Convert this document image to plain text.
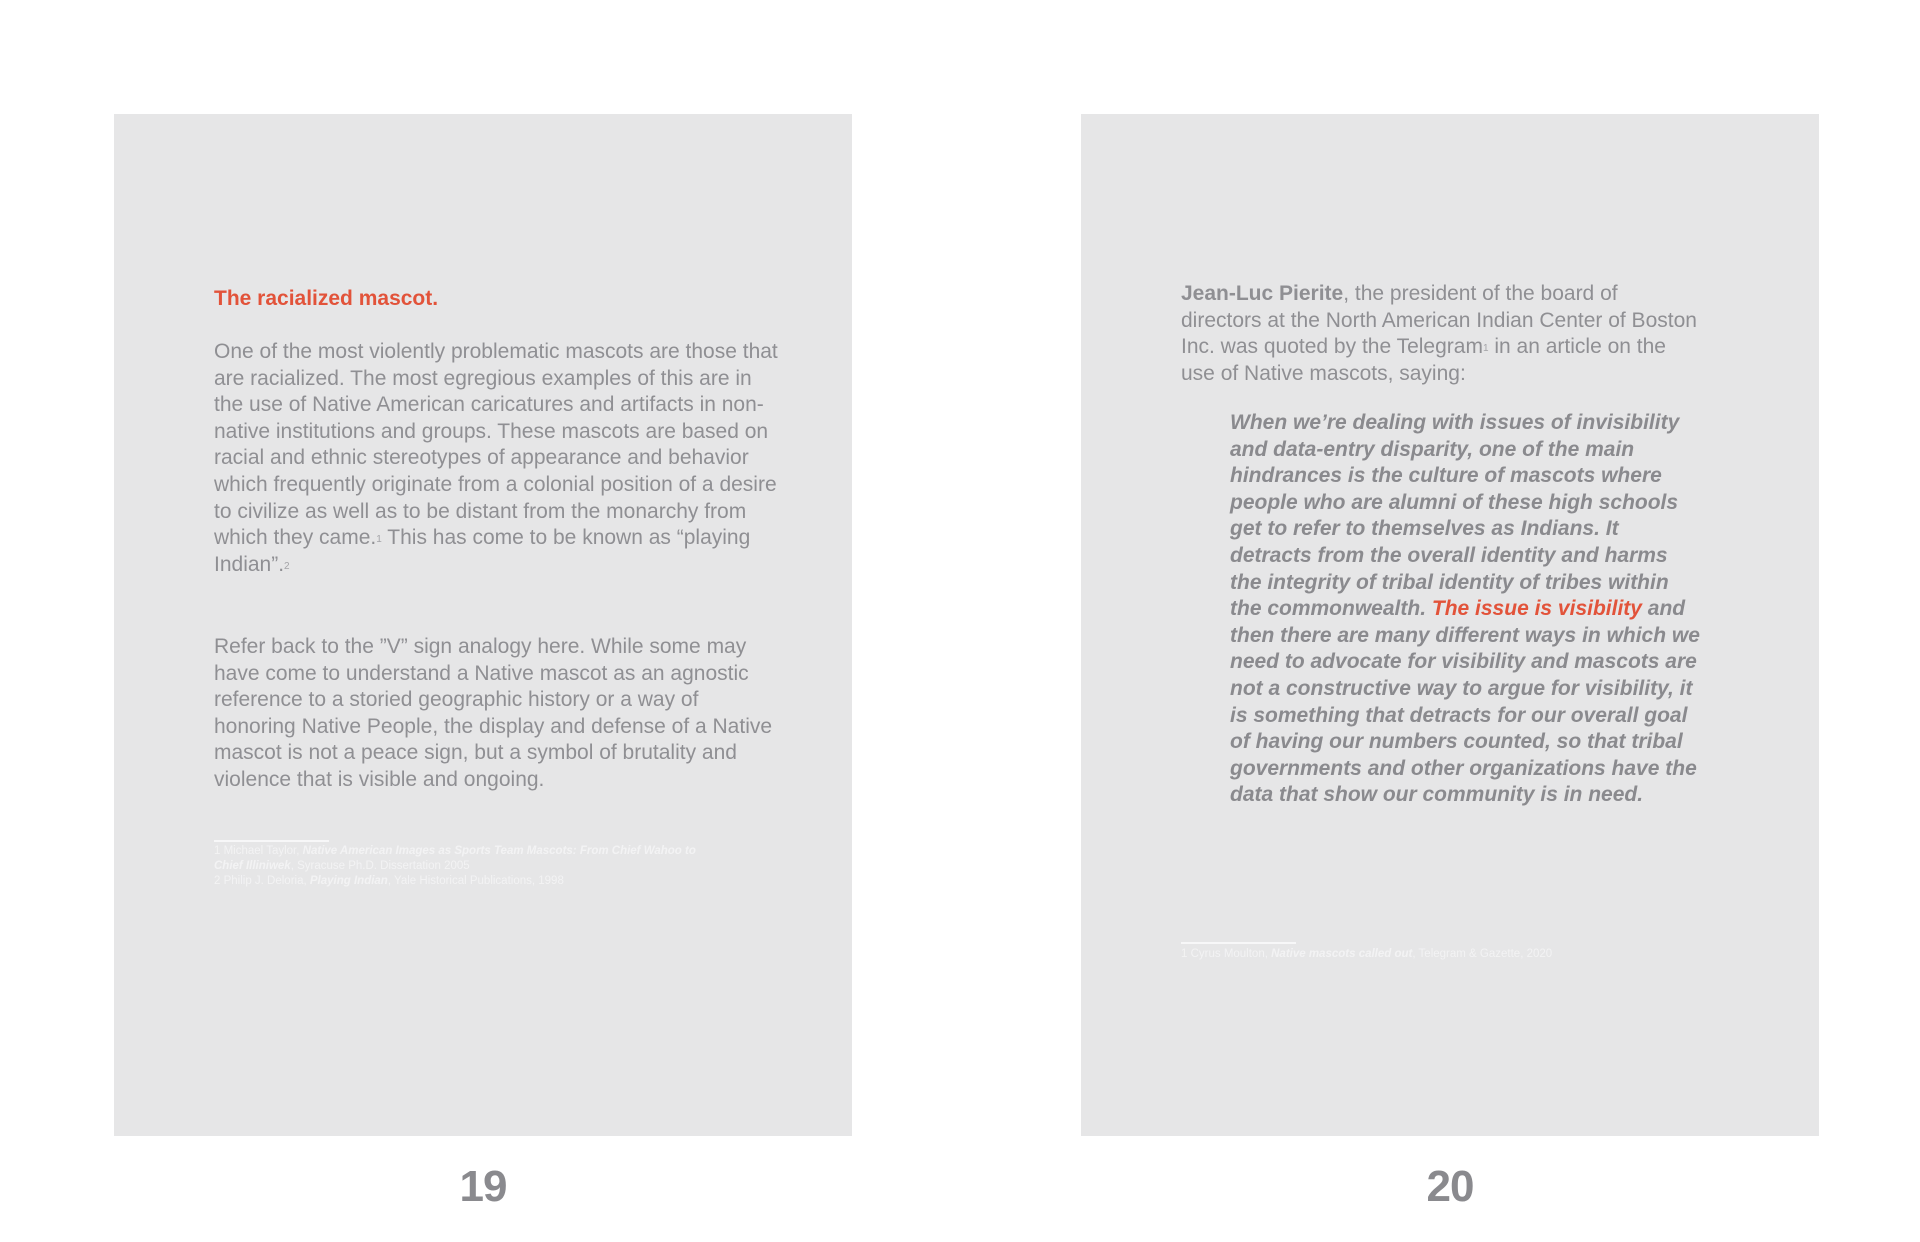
The racialized mascot.

One of the most violently problematic mascots are those that are racialized. The most egregious examples of this are in the use of Native American caricatures and artifacts in non-native institutions and groups. These mascots are based on racial and ethnic stereotypes of appearance and behavior which frequently originate from a colonial position of a desire to civilize as well as to be distant from the monarchy from which they came.$^1$ This has come to be known as “playing Indian”.$^2$

Refer back to the ”V” sign analogy here. While some may have come to understand a Native mascot as an agnostic reference to a storied geographic history or a way of honoring Native People, the display and defense of a Native mascot is not a peace sign, but a symbol of brutality and violence that is visible and ongoing.

1 Michael Taylor, Native American Images as Sports Team Mascots: From Chief Wahoo to
Chief Illiniwek, Syracuse Ph.D. Dissertation 2005
2 Philip J. Deloria, Playing Indian, Yale Historical Publications, 1998

Jean-Luc Pierite, the president of the board of directors at the North American Indian Center of Boston Inc. was quoted by the Telegram$^1$ in an article on the use of Native mascots, saying:

When we’re dealing with issues of invisibility and data-entry disparity, one of the main hindrances is the culture of mascots where people who are alumni of these high schools get to refer to themselves as Indians. It detracts from the overall identity and harms the integrity of tribal identity of tribes within the commonwealth. The issue is visibility and then there are many different ways in which we need to advocate for visibility and mascots are not a constructive way to argue for visibility, it is something that detracts for our overall goal of having our numbers counted, so that tribal governments and other organizations have the data that show our community is in need.
1 Cyrus Moulton, Native mascots called out, Telegram & Gazette, 2020
19	20
